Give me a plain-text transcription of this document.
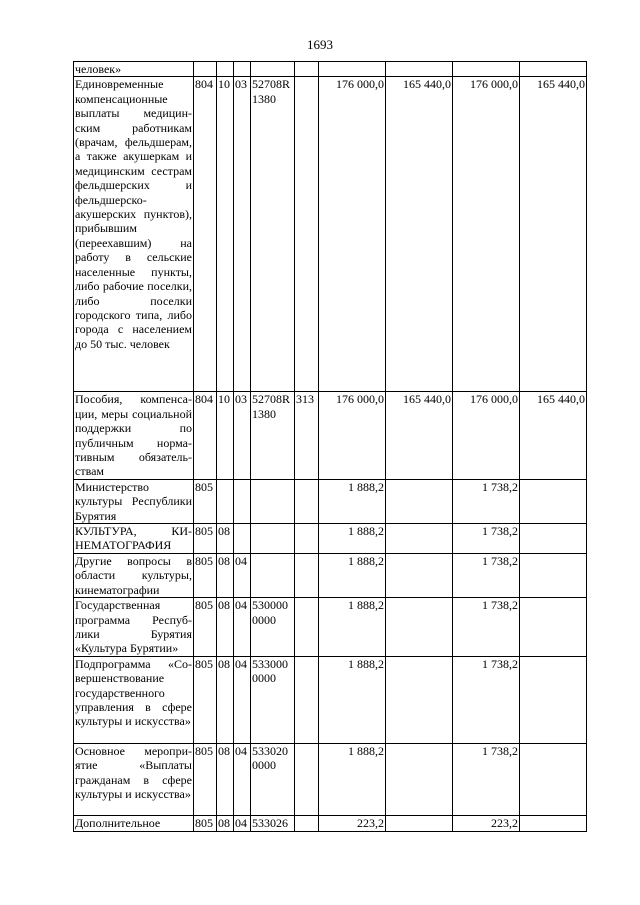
1693
человек»									
Единовременные компенсационные выплаты медицинским работникам (врачам, фельдшерам, а также акушеркам и медицинским сестрам фельдшерских и фельдшерско-акушерских пунктов), прибывшим (переехавшим) на работу в сельские населенные пункты, либо рабочие поселки, либо поселки городского типа, либо города с населением до 50 тыс. человек	804	10	03	52708R 1380		176 000,0	165 440,0	176 000,0	165 440,0
Пособия, компенсации, меры социальной поддержки по публичным нормативным обязательствам	804	10	03	52708R 1380	313	176 000,0	165 440,0	176 000,0	165 440,0
Министерство культуры Республики Бурятия	805					1 888,2		1 738,2	
КУЛЬТУРА, КИНЕМАТОГРАФИЯ	805	08				1 888,2		1 738,2	
Другие вопросы в области культуры, кинематографии	805	08	04			1 888,2		1 738,2	
Государственная программа Республики Бурятия «Культура Бурятии»	805	08	04	530000 0000		1 888,2		1 738,2	
Подпрограмма «Совершенствование государственного управления в сфере культуры и искусства»	805	08	04	533000 0000		1 888,2		1 738,2	
Основное мероприятие «Выплаты гражданам в сфере культуры и искусства»	805	08	04	533020 0000		1 888,2		1 738,2	
Дополнительное	805	08	04	533026		223,2		223,2	
